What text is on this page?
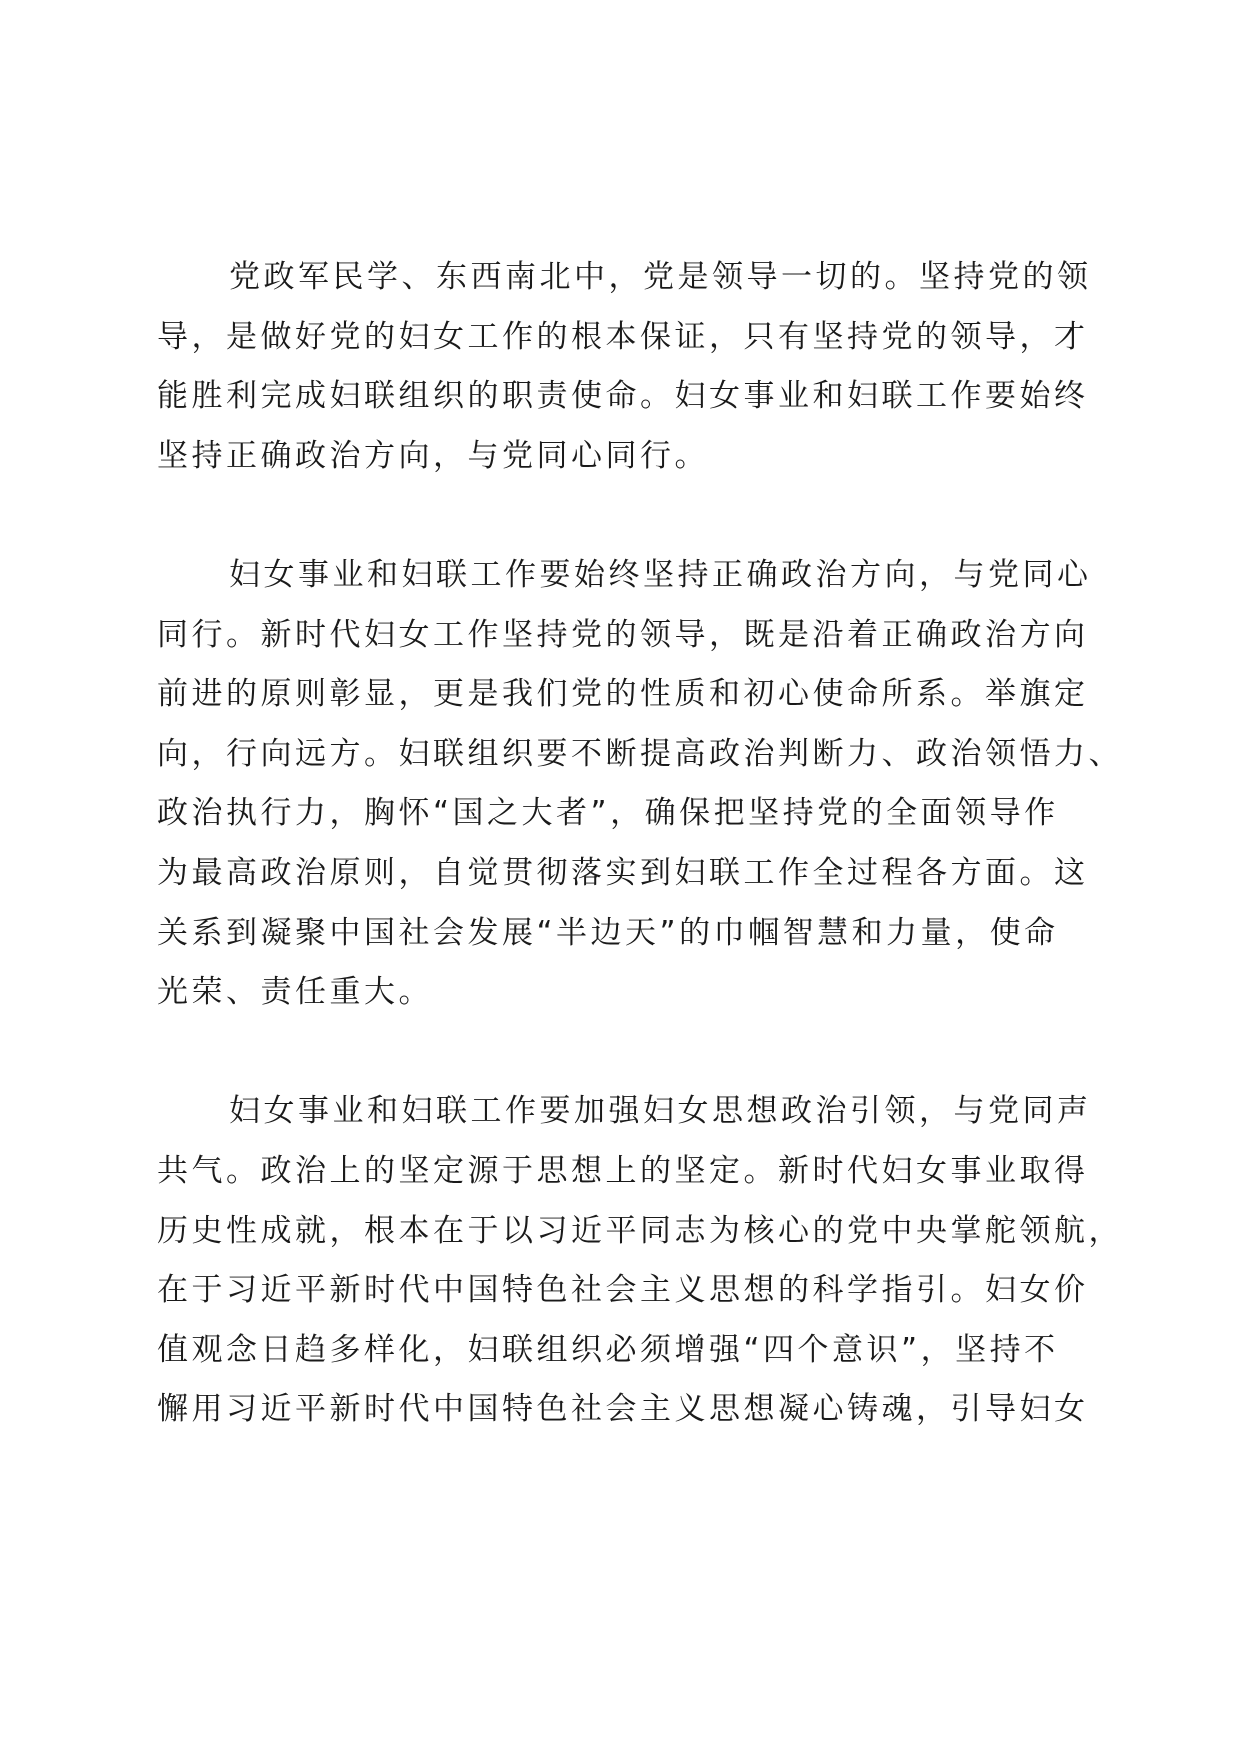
党政军民学、东西南北中，党是领导一切的。坚持党的领
导，是做好党的妇女工作的根本保证，只有坚持党的领导，才
能胜利完成妇联组织的职责使命。妇女事业和妇联工作要始终
坚持正确政治方向，与党同心同行。

妇女事业和妇联工作要始终坚持正确政治方向，与党同心
同行。新时代妇女工作坚持党的领导，既是沿着正确政治方向
前进的原则彰显，更是我们党的性质和初心使命所系。举旗定
向，行向远方。妇联组织要不断提高政治判断力、政治领悟力、
政治执行力，胸怀“国之大者”，确保把坚持党的全面领导作
为最高政治原则，自觉贯彻落实到妇联工作全过程各方面。这
关系到凝聚中国社会发展“半边天”的巾帼智慧和力量，使命
光荣、责任重大。

妇女事业和妇联工作要加强妇女思想政治引领，与党同声
共气。政治上的坚定源于思想上的坚定。新时代妇女事业取得
历史性成就，根本在于以习近平同志为核心的党中央掌舵领航，
在于习近平新时代中国特色社会主义思想的科学指引。妇女价
值观念日趋多样化，妇联组织必须增强“四个意识”，坚持不
懈用习近平新时代中国特色社会主义思想凝心铸魂，引导妇女
